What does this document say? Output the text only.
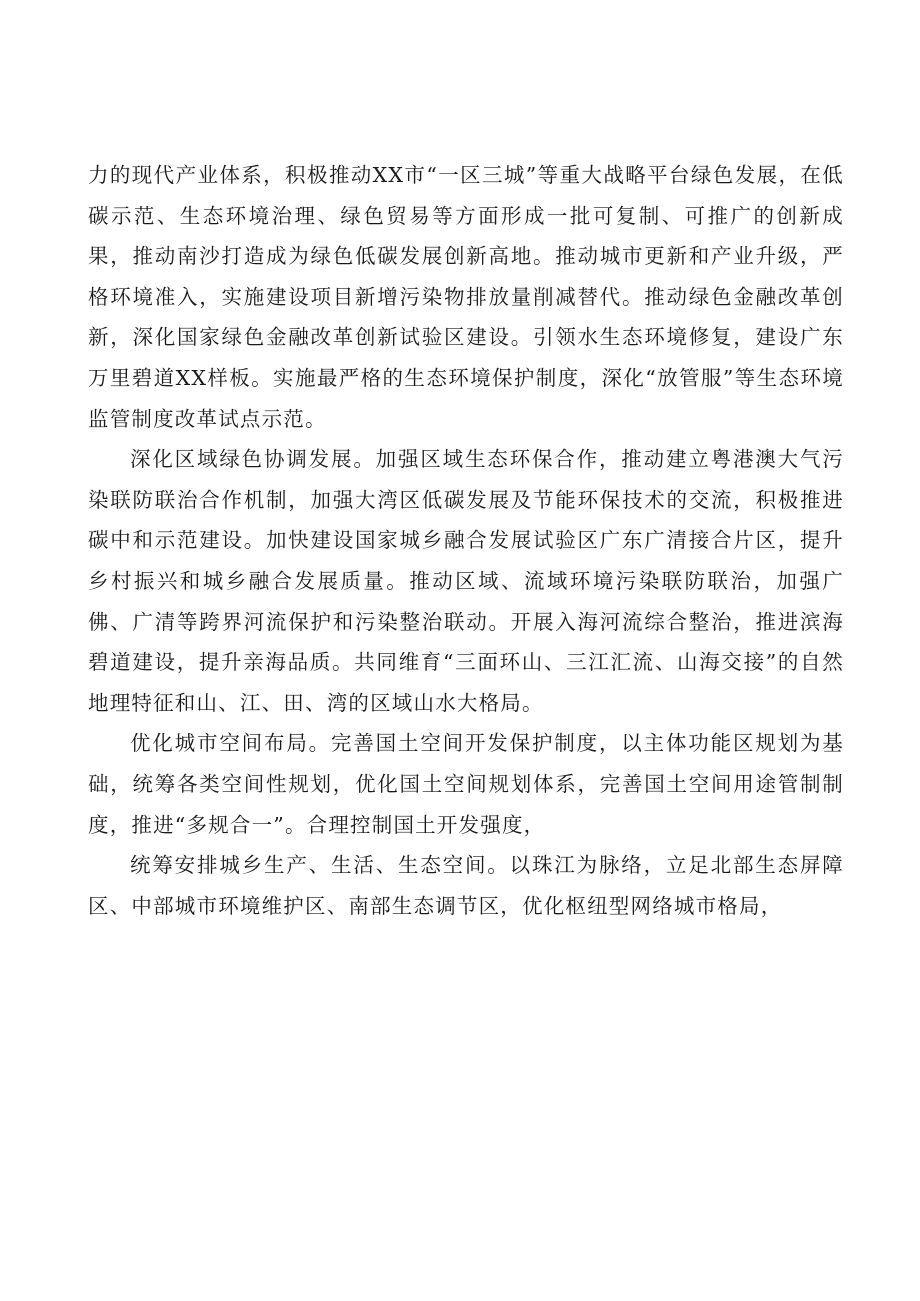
力的现代产业体系，积极推动XX市“一区三城”等重大战略平台绿色发展，在低碳示范、生态环境治理、绿色贸易等方面形成一批可复制、可推广的创新成果，推动南沙打造成为绿色低碳发展创新高地。推动城市更新和产业升级，严格环境准入，实施建设项目新增污染物排放量削减替代。推动绿色金融改革创新，深化国家绿色金融改革创新试验区建设。引领水生态环境修复，建设广东万里碧道XX样板。实施最严格的生态环境保护制度，深化“放管服”等生态环境监管制度改革试点示范。

深化区域绿色协调发展。加强区域生态环保合作，推动建立粤港澳大气污染联防联治合作机制，加强大湾区低碳发展及节能环保技术的交流，积极推进碳中和示范建设。加快建设国家城乡融合发展试验区广东广清接合片区，提升乡村振兴和城乡融合发展质量。推动区域、流域环境污染联防联治，加强广佛、广清等跨界河流保护和污染整治联动。开展入海河流综合整治，推进滨海碧道建设，提升亲海品质。共同维育“三面环山、三江汇流、山海交接”的自然地理特征和山、江、田、湾的区域山水大格局。

优化城市空间布局。完善国土空间开发保护制度，以主体功能区规划为基础，统筹各类空间性规划，优化国土空间规划体系，完善国土空间用途管制制度，推进“多规合一”。合理控制国土开发强度，

统筹安排城乡生产、生活、生态空间。以珠江为脉络，立足北部生态屏障区、中部城市环境维护区、南部生态调节区，优化枢纽型网络城市格局，
